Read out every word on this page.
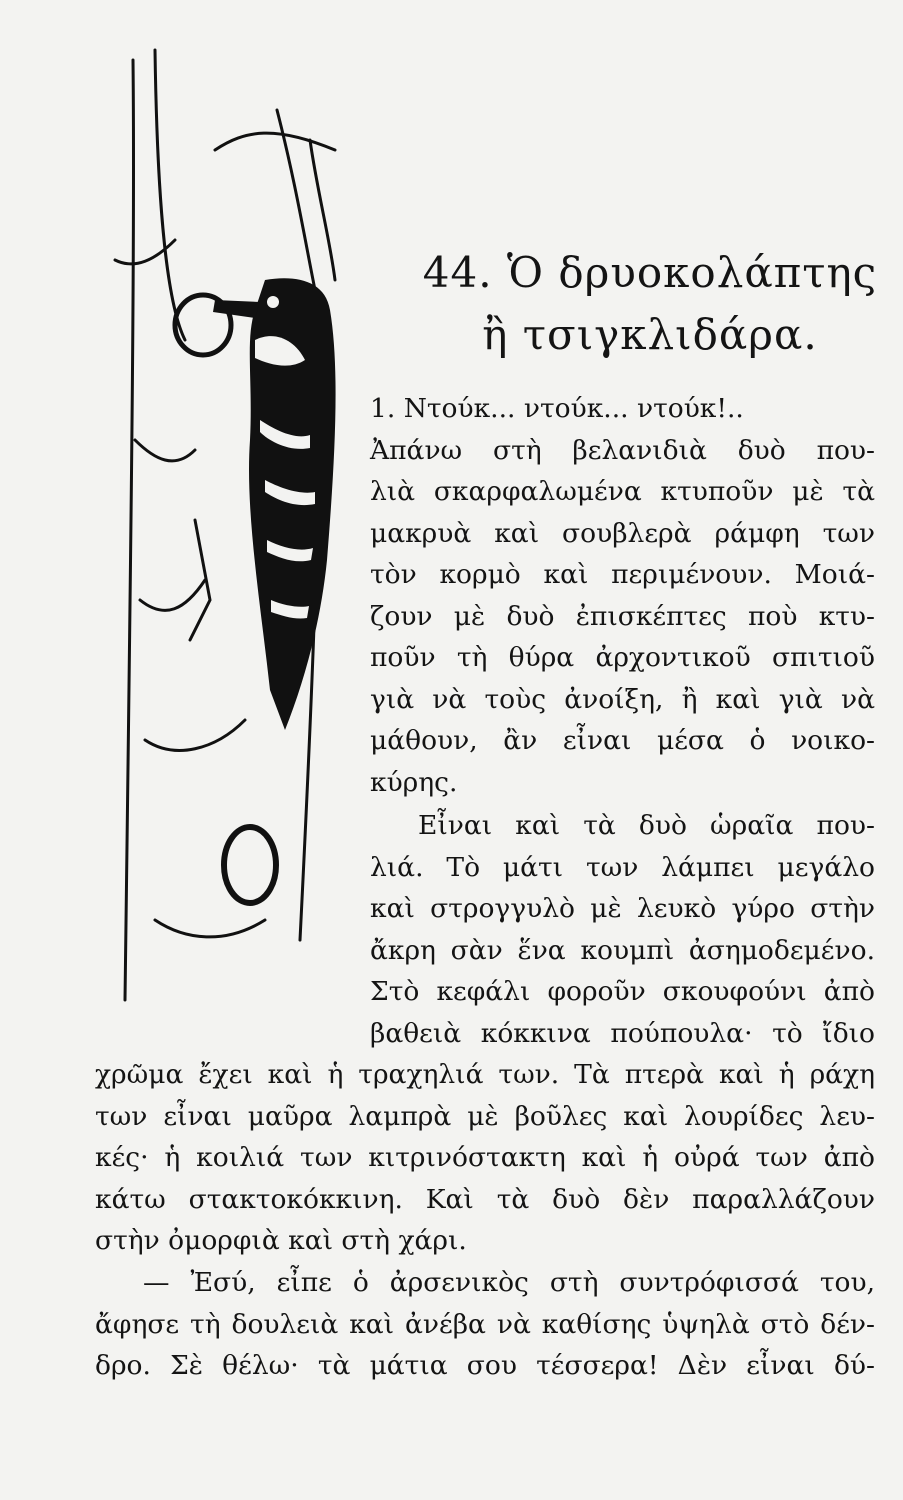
44. Ὁ δρυοκολάπτης
ἢ τσιγκλιδάρα.
1. Ντούκ... ντούκ... ντούκ!..
Ἀπάνω στὴ βελανιδιὰ δυὸ που-
λιὰ σκαρφαλωμένα κτυποῦν μὲ τὰ
μακρυὰ καὶ σουβλερὰ ράμφη των
τὸν κορμὸ καὶ περιμένουν. Μοιά-
ζουν μὲ δυὸ ἐπισκέπτες ποὺ κτυ-
ποῦν τὴ θύρα ἀρχοντικοῦ σπιτιοῦ
γιὰ νὰ τοὺς ἀνοίξη, ἢ καὶ γιὰ νὰ
μάθουν, ἂν εἶναι μέσα ὁ νοικο-
κύρης.
Εἶναι καὶ τὰ δυὸ ὡραῖα που-
λιά. Τὸ μάτι των λάμπει μεγάλο
καὶ στρογγυλὸ μὲ λευκὸ γύρο στὴν
ἄκρη σὰν ἕνα κουμπὶ ἀσημοδεμένο.
Στὸ κεφάλι φοροῦν σκουφούνι ἀπὸ
βαθειὰ κόκκινα πούπουλα· τὸ ἴδιο
χρῶμα ἔχει καὶ ἡ τραχηλιά των. Τὰ πτερὰ καὶ ἡ ράχη
των εἶναι μαῦρα λαμπρὰ μὲ βοῦλες καὶ λουρίδες λευ-
κές· ἡ κοιλιά των κιτρινόστακτη καὶ ἡ οὐρά των ἀπὸ
κάτω στακτοκόκκινη. Καὶ τὰ δυὸ δὲν παραλλάζουν
στὴν ὀμορφιὰ καὶ στὴ χάρι.
— Ἐσύ, εἶπε ὁ ἀρσενικὸς στὴ συντρόφισσά του,
ἄφησε τὴ δουλειὰ καὶ ἀνέβα νὰ καθίσης ὑψηλὰ στὸ δέν-
δρο. Σὲ θέλω· τὰ μάτια σου τέσσερα! Δὲν εἶναι δύ-
